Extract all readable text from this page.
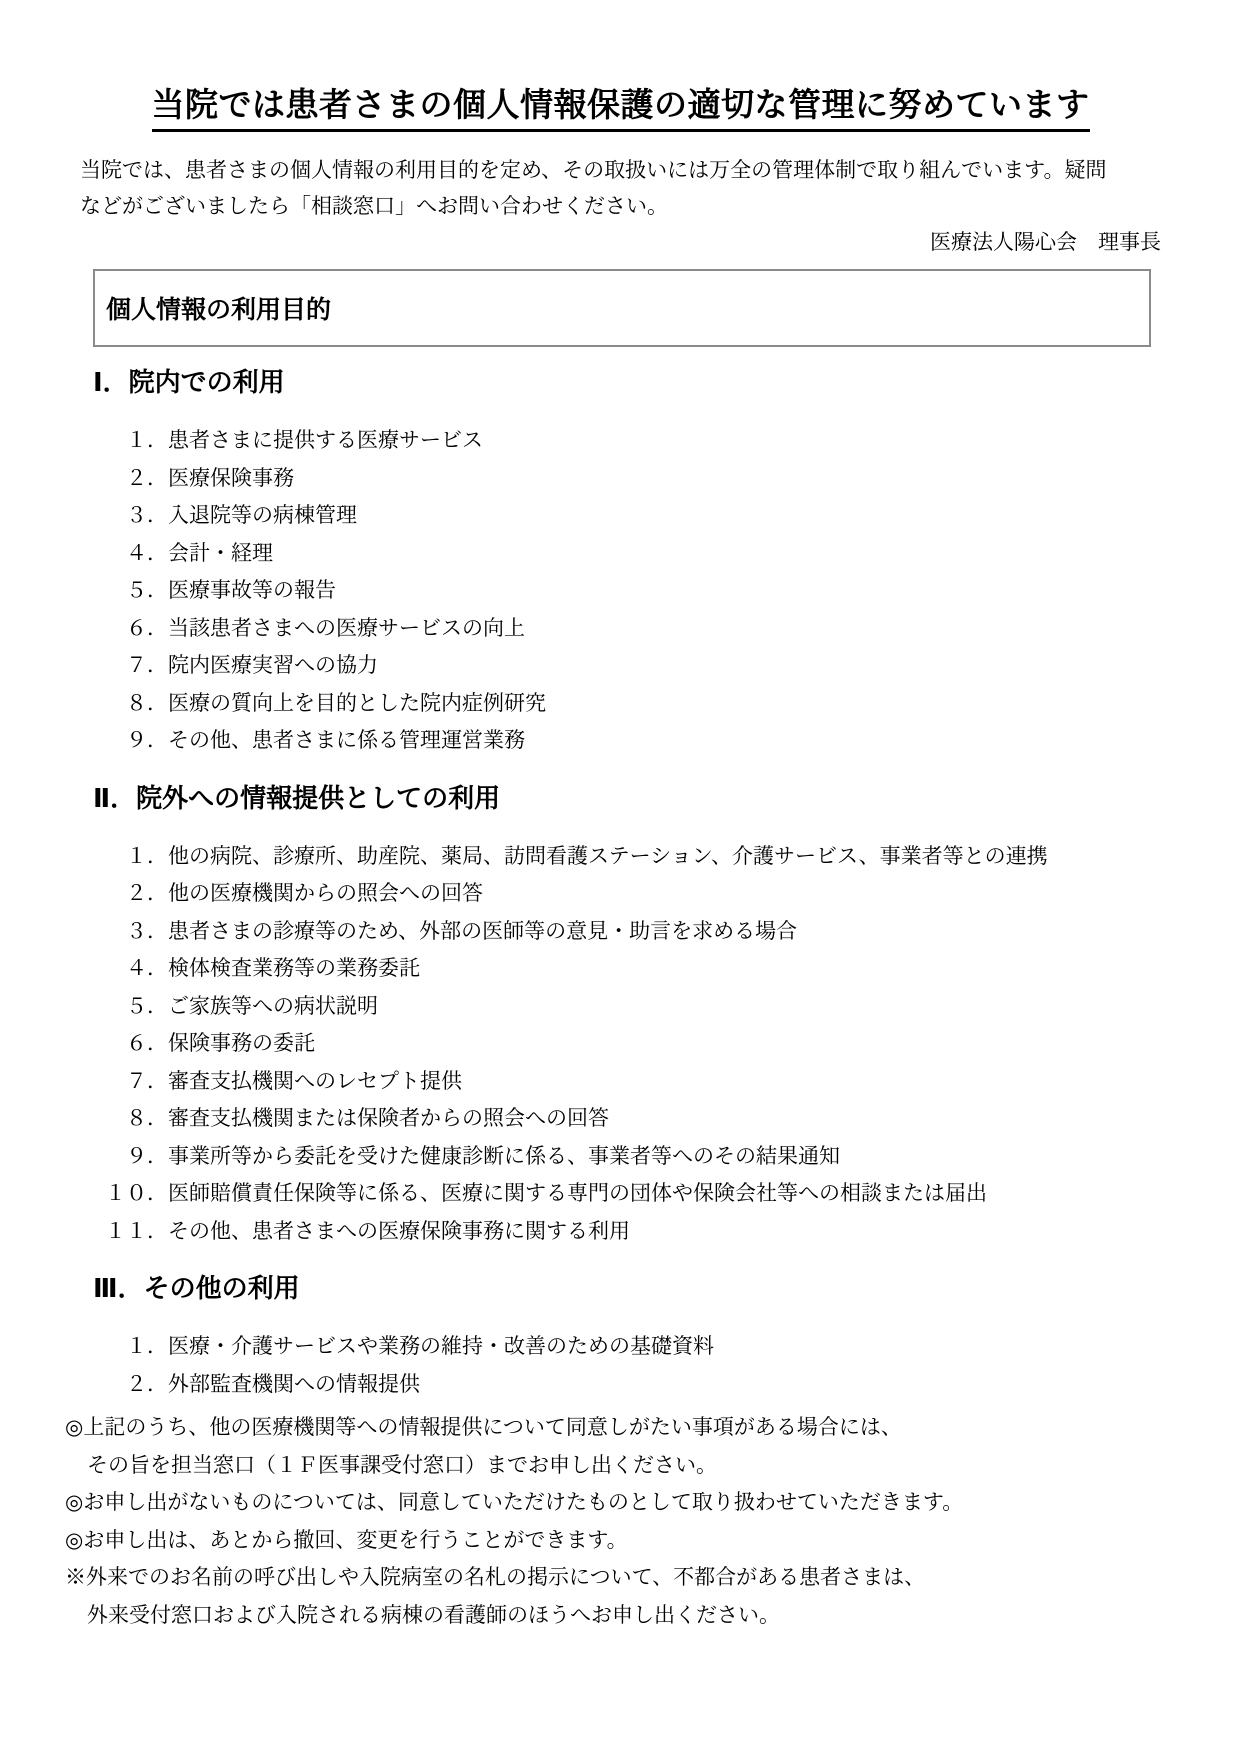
当院では患者さまの個人情報保護の適切な管理に努めています
当院では、患者さまの個人情報の利用目的を定め、その取扱いには万全の管理体制で取り組んでいます。疑問
などがございましたら「相談窓口」へお問い合わせください。
医療法人陽心会　理事長
個人情報の利用目的
Ⅰ．院内での利用
１． 患者さまに提供する医療サービス
２． 医療保険事務
３． 入退院等の病棟管理
４． 会計・経理
５． 医療事故等の報告
６． 当該患者さまへの医療サービスの向上
７． 院内医療実習への協力
８． 医療の質向上を目的とした院内症例研究
９． その他、患者さまに係る管理運営業務
Ⅱ．院外への情報提供としての利用
１． 他の病院、診療所、助産院、薬局、訪問看護ステーション、介護サービス、事業者等との連携
２． 他の医療機関からの照会への回答
３． 患者さまの診療等のため、外部の医師等の意見・助言を求める場合
４． 検体検査業務等の業務委託
５． ご家族等への病状説明
６． 保険事務の委託
７． 審査支払機関へのレセプト提供
８． 審査支払機関または保険者からの照会への回答
９． 事業所等から委託を受けた健康診断に係る、事業者等へのその結果通知
１０． 医師賠償責任保険等に係る、医療に関する専門の団体や保険会社等への相談または届出
１１． その他、患者さまへの医療保険事務に関する利用
Ⅲ．その他の利用
１． 医療・介護サービスや業務の維持・改善のための基礎資料
２． 外部監査機関への情報提供
◎上記のうち、他の医療機関等への情報提供について同意しがたい事項がある場合には、
その旨を担当窓口（１Ｆ医事課受付窓口）までお申し出ください。
◎お申し出がないものについては、同意していただけたものとして取り扱わせていただきます。
◎お申し出は、あとから撤回、変更を行うことができます。
※外来でのお名前の呼び出しや入院病室の名札の掲示について、不都合がある患者さまは、
外来受付窓口および入院される病棟の看護師のほうへお申し出ください。
